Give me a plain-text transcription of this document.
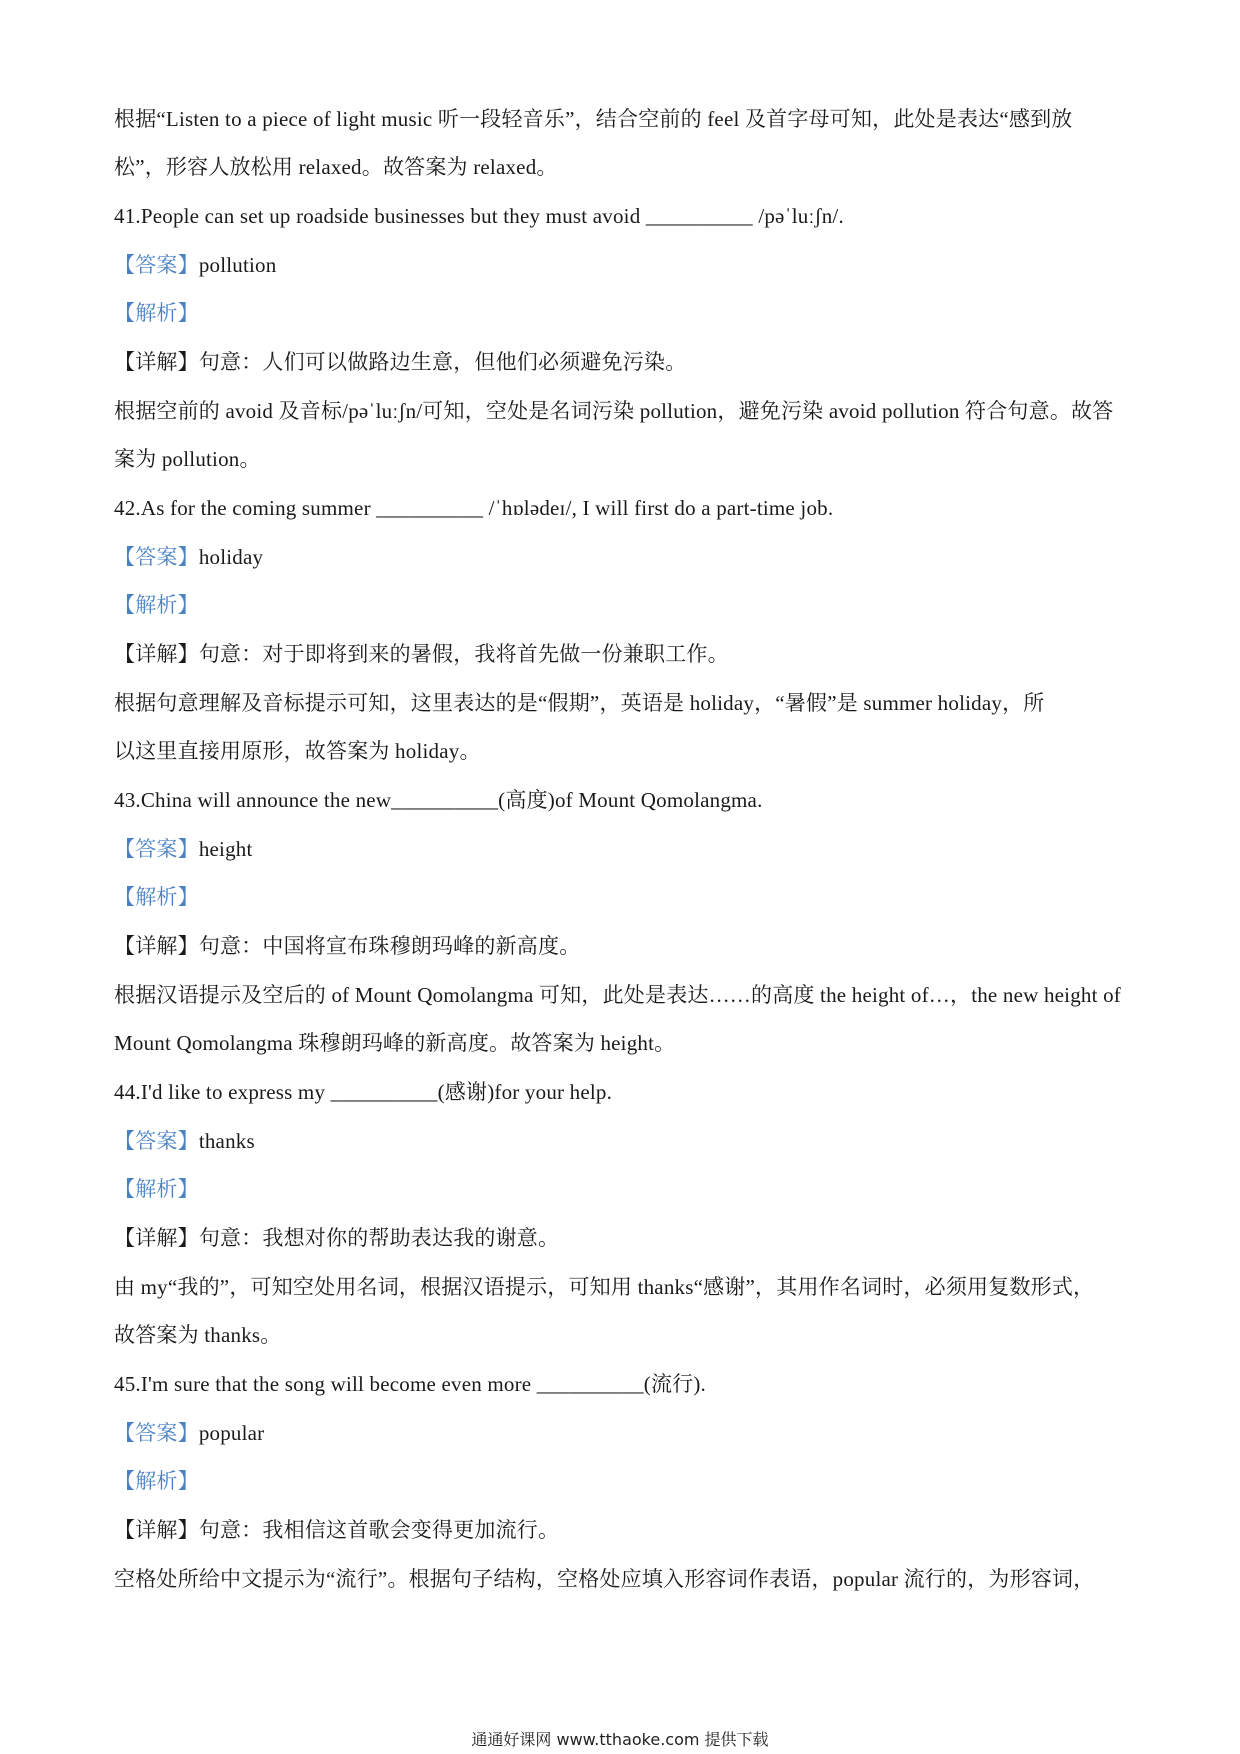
根据“Listen to a piece of light music 听一段轻音乐”，结合空前的 feel 及首字母可知，此处是表达“感到放
松”，形容人放松用 relaxed。故答案为 relaxed。
41.People can set up roadside businesses but they must avoid __________ /pəˈluːʃn/.
【答案】pollution
【解析】
【详解】句意：人们可以做路边生意，但他们必须避免污染。
根据空前的 avoid 及音标/pəˈluːʃn/可知，空处是名词污染 pollution，避免污染 avoid pollution 符合句意。故答
案为 pollution。
42.As for the coming summer __________ /ˈhɒlədeɪ/, I will first do a part-time job.
【答案】holiday
【解析】
【详解】句意：对于即将到来的暑假，我将首先做一份兼职工作。
根据句意理解及音标提示可知，这里表达的是“假期”，英语是 holiday，“暑假”是 summer holiday，所
以这里直接用原形，故答案为 holiday。
43.China will announce the new__________(高度)of Mount Qomolangma.
【答案】height
【解析】
【详解】句意：中国将宣布珠穆朗玛峰的新高度。
根据汉语提示及空后的 of Mount Qomolangma 可知，此处是表达……的高度 the height of…，the new height of
Mount Qomolangma 珠穆朗玛峰的新高度。故答案为 height。
44.I'd like to express my __________(感谢)for your help.
【答案】thanks
【解析】
【详解】句意：我想对你的帮助表达我的谢意。
由 my“我的”，可知空处用名词，根据汉语提示，可知用 thanks“感谢”，其用作名词时，必须用复数形式，
故答案为 thanks。
45.I'm sure that the song will become even more __________(流行).
【答案】popular
【解析】
【详解】句意：我相信这首歌会变得更加流行。
空格处所给中文提示为“流行”。根据句子结构，空格处应填入形容词作表语，popular 流行的，为形容词，
通通好课网 www.tthaoke.com 提供下载
